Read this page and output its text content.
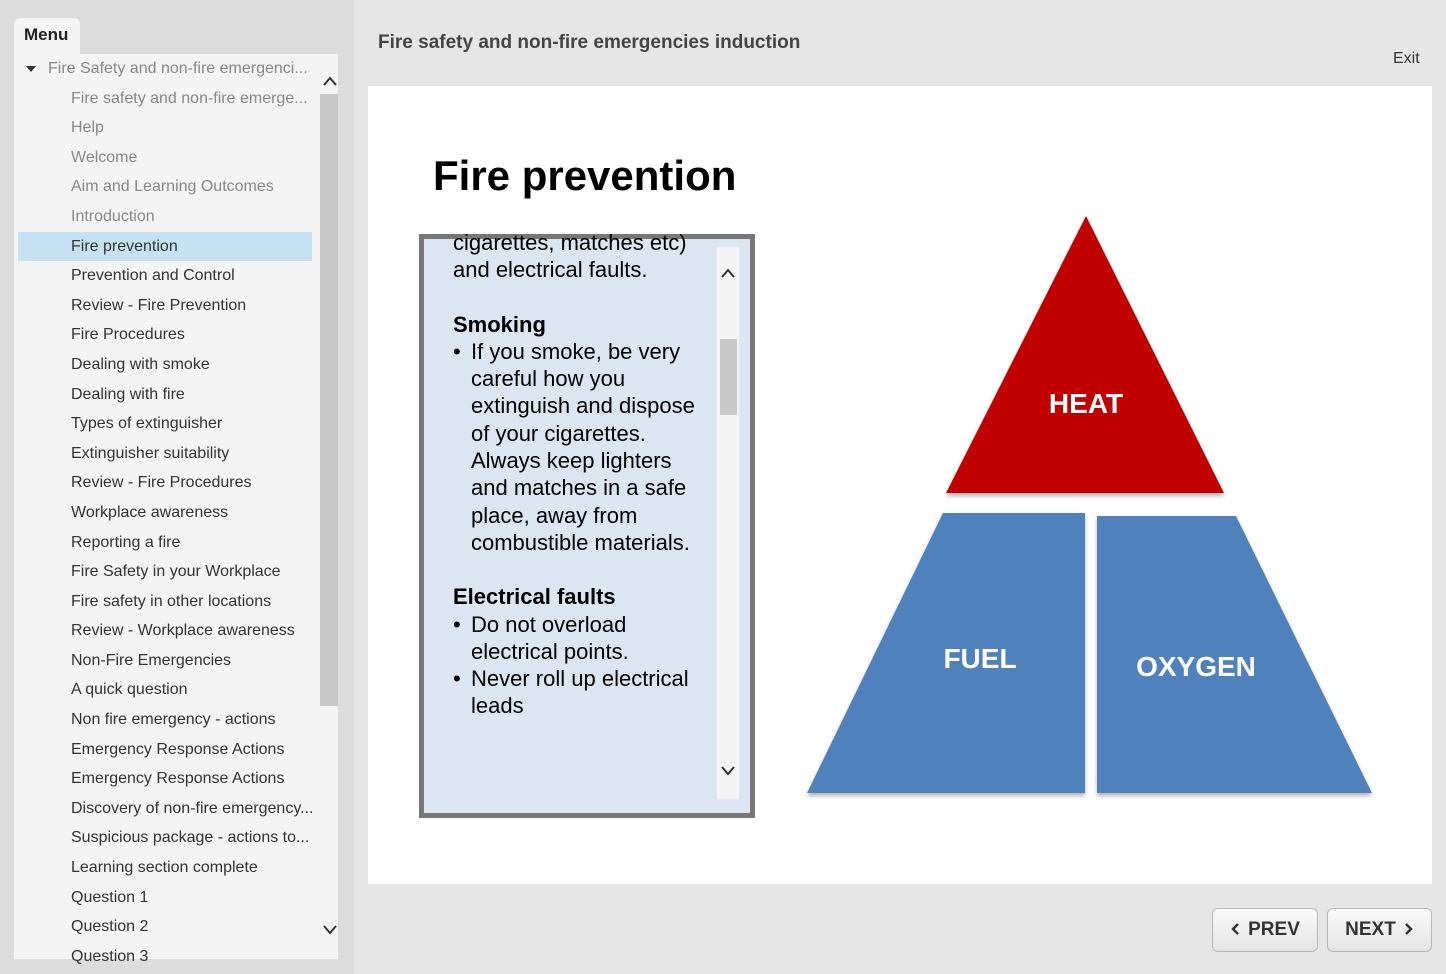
Menu
Fire Safety and non-fire emergenci...
Fire safety and non-fire emerge...
Help
Welcome
Aim and Learning Outcomes
Introduction
Fire prevention
Prevention and Control
Review - Fire Prevention
Fire Procedures
Dealing with smoke
Dealing with fire
Types of extinguisher
Extinguisher suitability
Review - Fire Procedures
Workplace awareness
Reporting a fire
Fire Safety in your Workplace
Fire safety in other locations
Review - Workplace awareness
Non-Fire Emergencies
A quick question
Non fire emergency - actions
Emergency Response Actions
Emergency Response Actions
Discovery of non-fire emergency...
Suspicious package - actions to...
Learning section complete
Question 1
Question 2
Question 3
Fire safety and non-fire emergencies induction
Exit
Fire prevention
cigarettes, matches etc) and electrical faults.
Smoking
• If you smoke, be very careful how you extinguish and dispose of your cigarettes. Always keep lighters and matches in a safe place, away from combustible materials.
Electrical faults
• Do not overload electrical points.
• Never roll up electrical leads
HEAT
FUEL	OXYGEN
PREV NEXT
